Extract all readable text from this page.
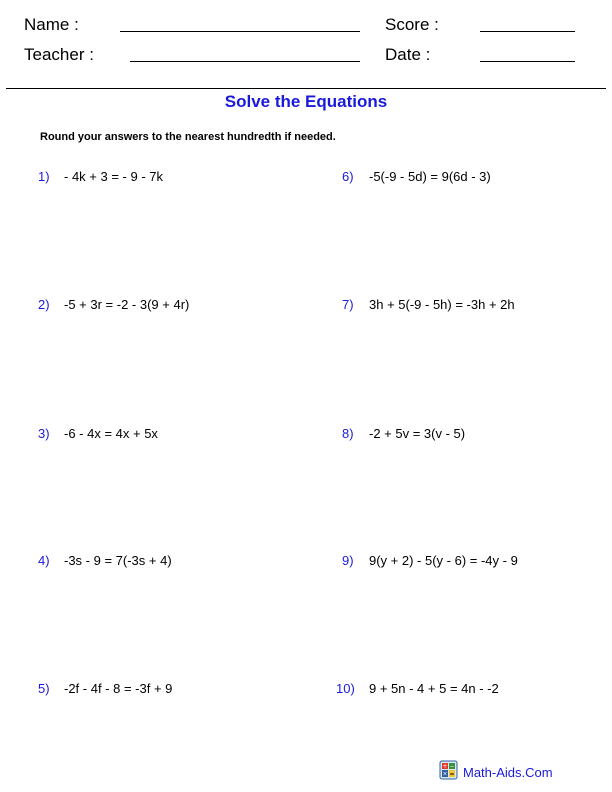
Name :
Teacher :
Score :
Date :
Solve the Equations
Round your answers to the nearest hundredth if needed.
1)	- 4k + 3 = - 9 - 7k
2)	-5 + 3r = -2 - 3(9 + 4r)
3)	-6 - 4x = 4x + 5x
4)	-3s - 9 = 7(-3s + 4)
5)	-2f - 4f - 8 = -3f + 9
6)	-5(-9 - 5d) = 9(6d - 3)
7)	3h + 5(-9 - 5h) = -3h + 2h
8)	-2 + 5v = 3(v - 5)
9)	9(y + 2) - 5(y - 6) = -4y - 9
10)	9 + 5n - 4 + 5 = 4n - -2
+ −
× = Math-Aids.Com
